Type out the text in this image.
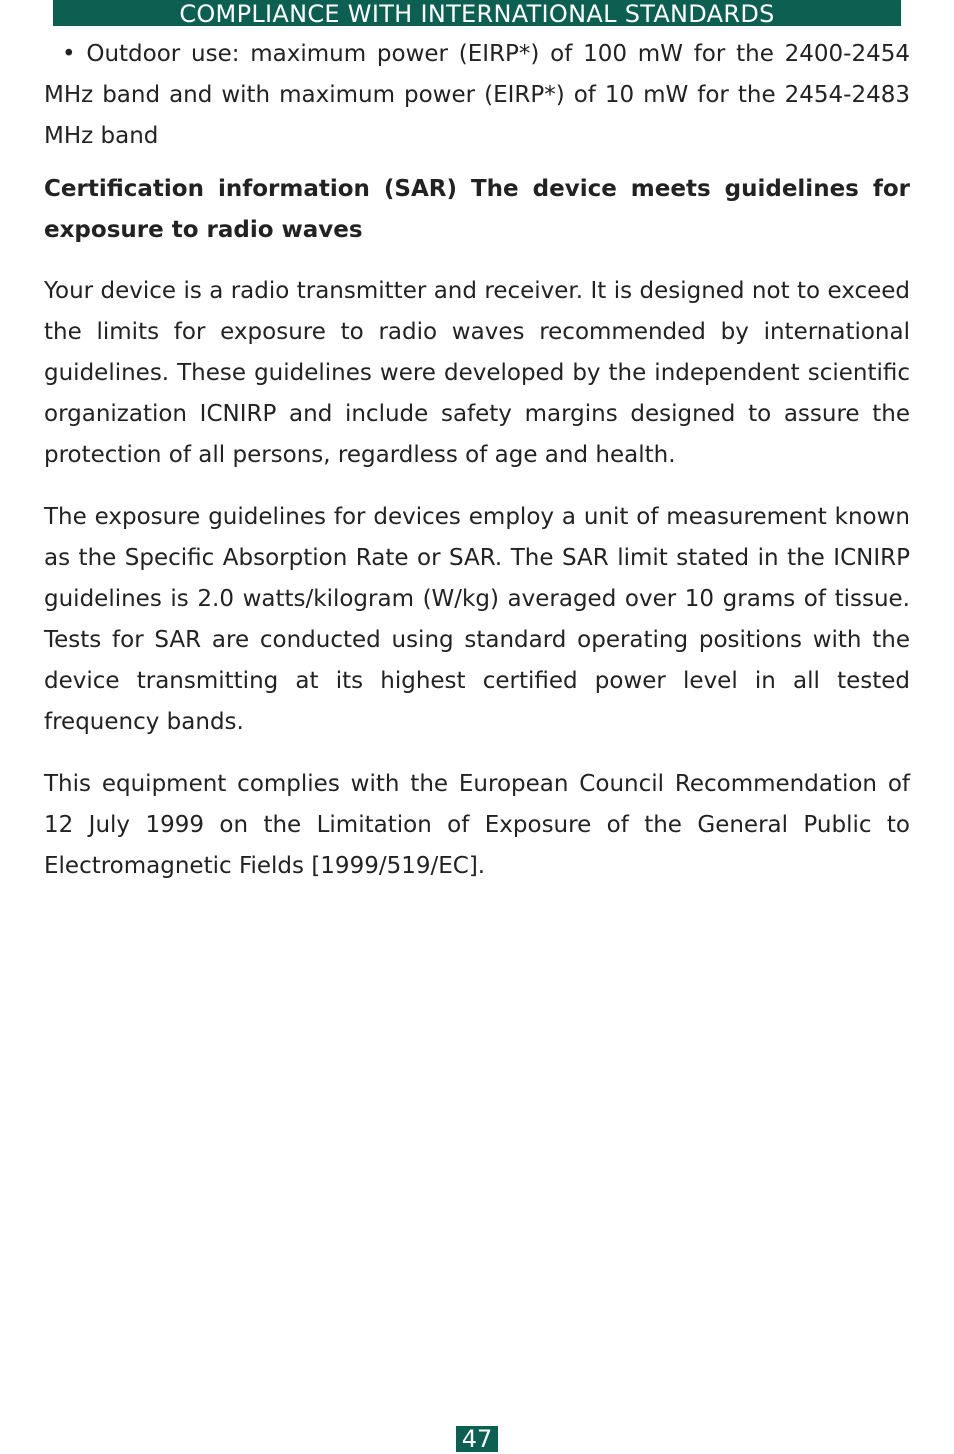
COMPLIANCE WITH INTERNATIONAL STANDARDS

• Outdoor use: maximum power (EIRP*) of 100 mW for the 2400-2454 MHz band and with maximum power (EIRP*) of 10 mW for the 2454-2483 MHz band

Certification information (SAR) The device meets guidelines for exposure to radio waves

Your device is a radio transmitter and receiver. It is designed not to exceed the limits for exposure to radio waves recommended by international guidelines. These guidelines were developed by the independent scientific organization ICNIRP and include safety margins designed to assure the protection of all persons, regardless of age and health.

The exposure guidelines for devices employ a unit of measurement known as the Specific Absorption Rate or SAR. The SAR limit stated in the ICNIRP guidelines is 2.0 watts/kilogram (W/kg) averaged over 10 grams of tissue. Tests for SAR are conducted using standard operating positions with the device transmitting at its highest certified power level in all tested frequency bands.

This equipment complies with the European Council Recommendation of 12 July 1999 on the Limitation of Exposure of the General Public to Electromagnetic Fields [1999/519/EC].

47
